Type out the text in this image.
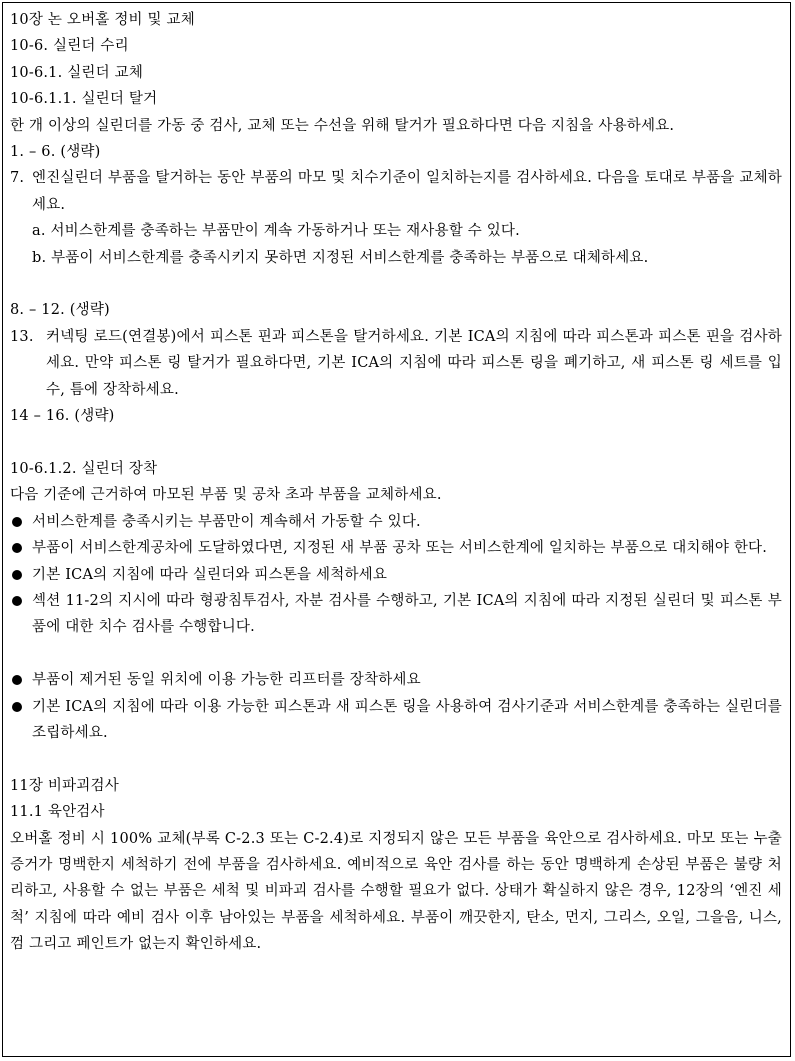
10장 논 오버홀 정비 및 교체
10-6. 실린더 수리
10-6.1. 실린더 교체
10-6.1.1. 실린더 탈거
한 개 이상의 실린더를 가동 중 검사, 교체 또는 수선을 위해 탈거가 필요하다면 다음 지침을 사용하세요.
1. – 6. (생략)
7. 엔진실린더 부품을 탈거하는 동안 부품의 마모 및 치수기준이 일치하는지를 검사하세요. 다음을 토대로 부품을 교체하세요.
a. 서비스한계를 충족하는 부품만이 계속 가동하거나 또는 재사용할 수 있다.
b. 부품이 서비스한계를 충족시키지 못하면 지정된 서비스한계를 충족하는 부품으로 대체하세요.
8. – 12. (생략)
13. 커넥팅 로드(연결봉)에서 피스톤 핀과 피스톤을 탈거하세요. 기본 ICA의 지침에 따라 피스톤과 피스톤 핀을 검사하세요. 만약 피스톤 링 탈거가 필요하다면, 기본 ICA의 지침에 따라 피스톤 링을 폐기하고, 새 피스톤 링 세트를 입수, 틈에 장착하세요.
14 – 16. (생략)
10-6.1.2. 실린더 장착
다음 기준에 근거하여 마모된 부품 및 공차 초과 부품을 교체하세요.
서비스한계를 충족시키는 부품만이 계속해서 가동할 수 있다.
부품이 서비스한계공차에 도달하였다면, 지정된 새 부품 공차 또는 서비스한계에 일치하는 부품으로 대치해야 한다.
기본 ICA의 지침에 따라 실린더와 피스톤을 세척하세요
섹션 11-2의 지시에 따라 형광침투검사, 자분 검사를 수행하고, 기본 ICA의 지침에 따라 지정된 실린더 및 피스톤 부품에 대한 치수 검사를 수행합니다.
부품이 제거된 동일 위치에 이용 가능한 리프터를 장착하세요
기본 ICA의 지침에 따라 이용 가능한 피스톤과 새 피스톤 링을 사용하여 검사기준과 서비스한계를 충족하는 실린더를 조립하세요.
11장 비파괴검사
11.1 육안검사
오버홀 정비 시 100% 교체(부록 C-2.3 또는 C-2.4)로 지정되지 않은 모든 부품을 육안으로 검사하세요. 마모 또는 누출 증거가 명백한지 세척하기 전에 부품을 검사하세요. 예비적으로 육안 검사를 하는 동안 명백하게 손상된 부품은 불량 처리하고, 사용할 수 없는 부품은 세척 및 비파괴 검사를 수행할 필요가 없다. 상태가 확실하지 않은 경우, 12장의 ‘엔진 세척’ 지침에 따라 예비 검사 이후 남아있는 부품을 세척하세요. 부품이 깨끗한지, 탄소, 먼지, 그리스, 오일, 그을음, 니스, 껌 그리고 페인트가 없는지 확인하세요.
